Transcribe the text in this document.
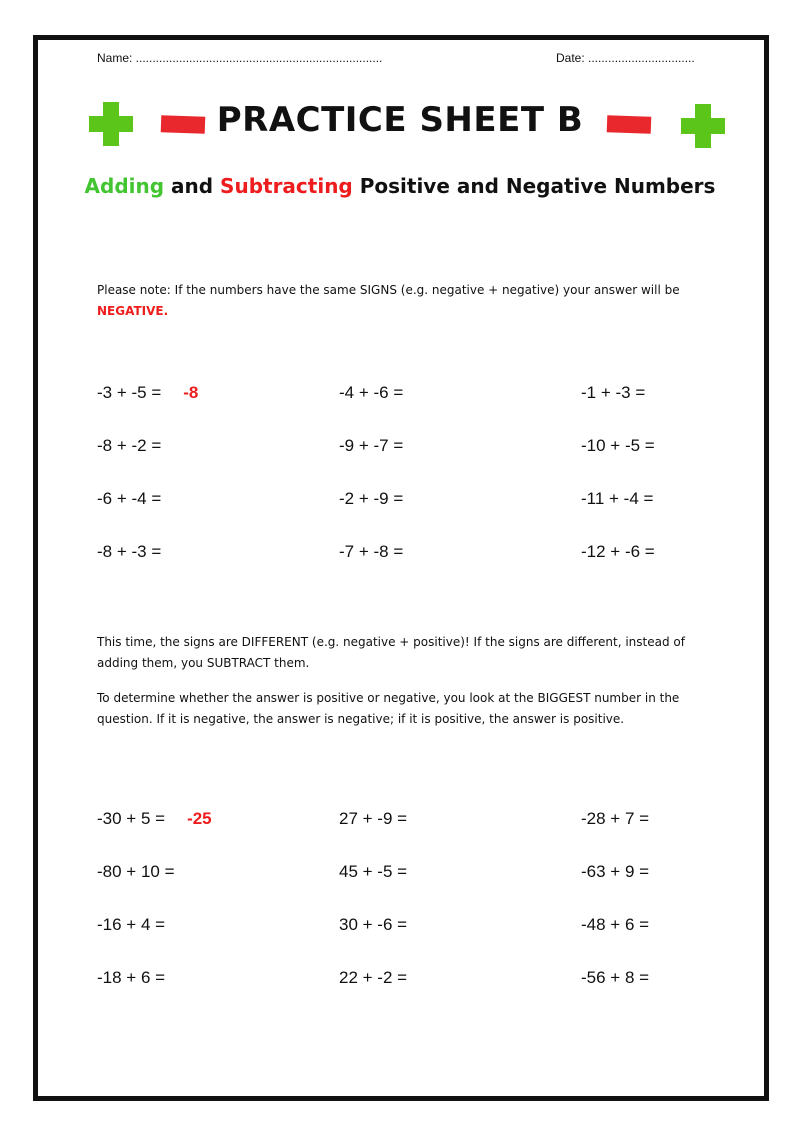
Name: ..........................................................................	Date: ................................
PRACTICE SHEET B
Adding and Subtracting Positive and Negative Numbers
Please note: If the numbers have the same SIGNS (e.g. negative + negative) your answer will be
NEGATIVE.
-3 + -5 = -8	-4 + -6 =	-1 + -3 =
-8 + -2 =	-9 + -7 =	-10 + -5 =
-6 + -4 =	-2 + -9 =	-11 + -4 =
-8 + -3 =	-7 + -8 =	-12 + -6 =
This time, the signs are DIFFERENT (e.g. negative + positive)! If the signs are different, instead of adding them, you SUBTRACT them.
To determine whether the answer is positive or negative, you look at the BIGGEST number in the question. If it is negative, the answer is negative; if it is positive, the answer is positive.
-30 + 5 = -25	27 + -9 =	-28 + 7 =
-80 + 10 =	45 + -5 =	-63 + 9 =
-16 + 4 =	30 + -6 =	-48 + 6 =
-18 + 6 =	22 + -2 =	-56 + 8 =
